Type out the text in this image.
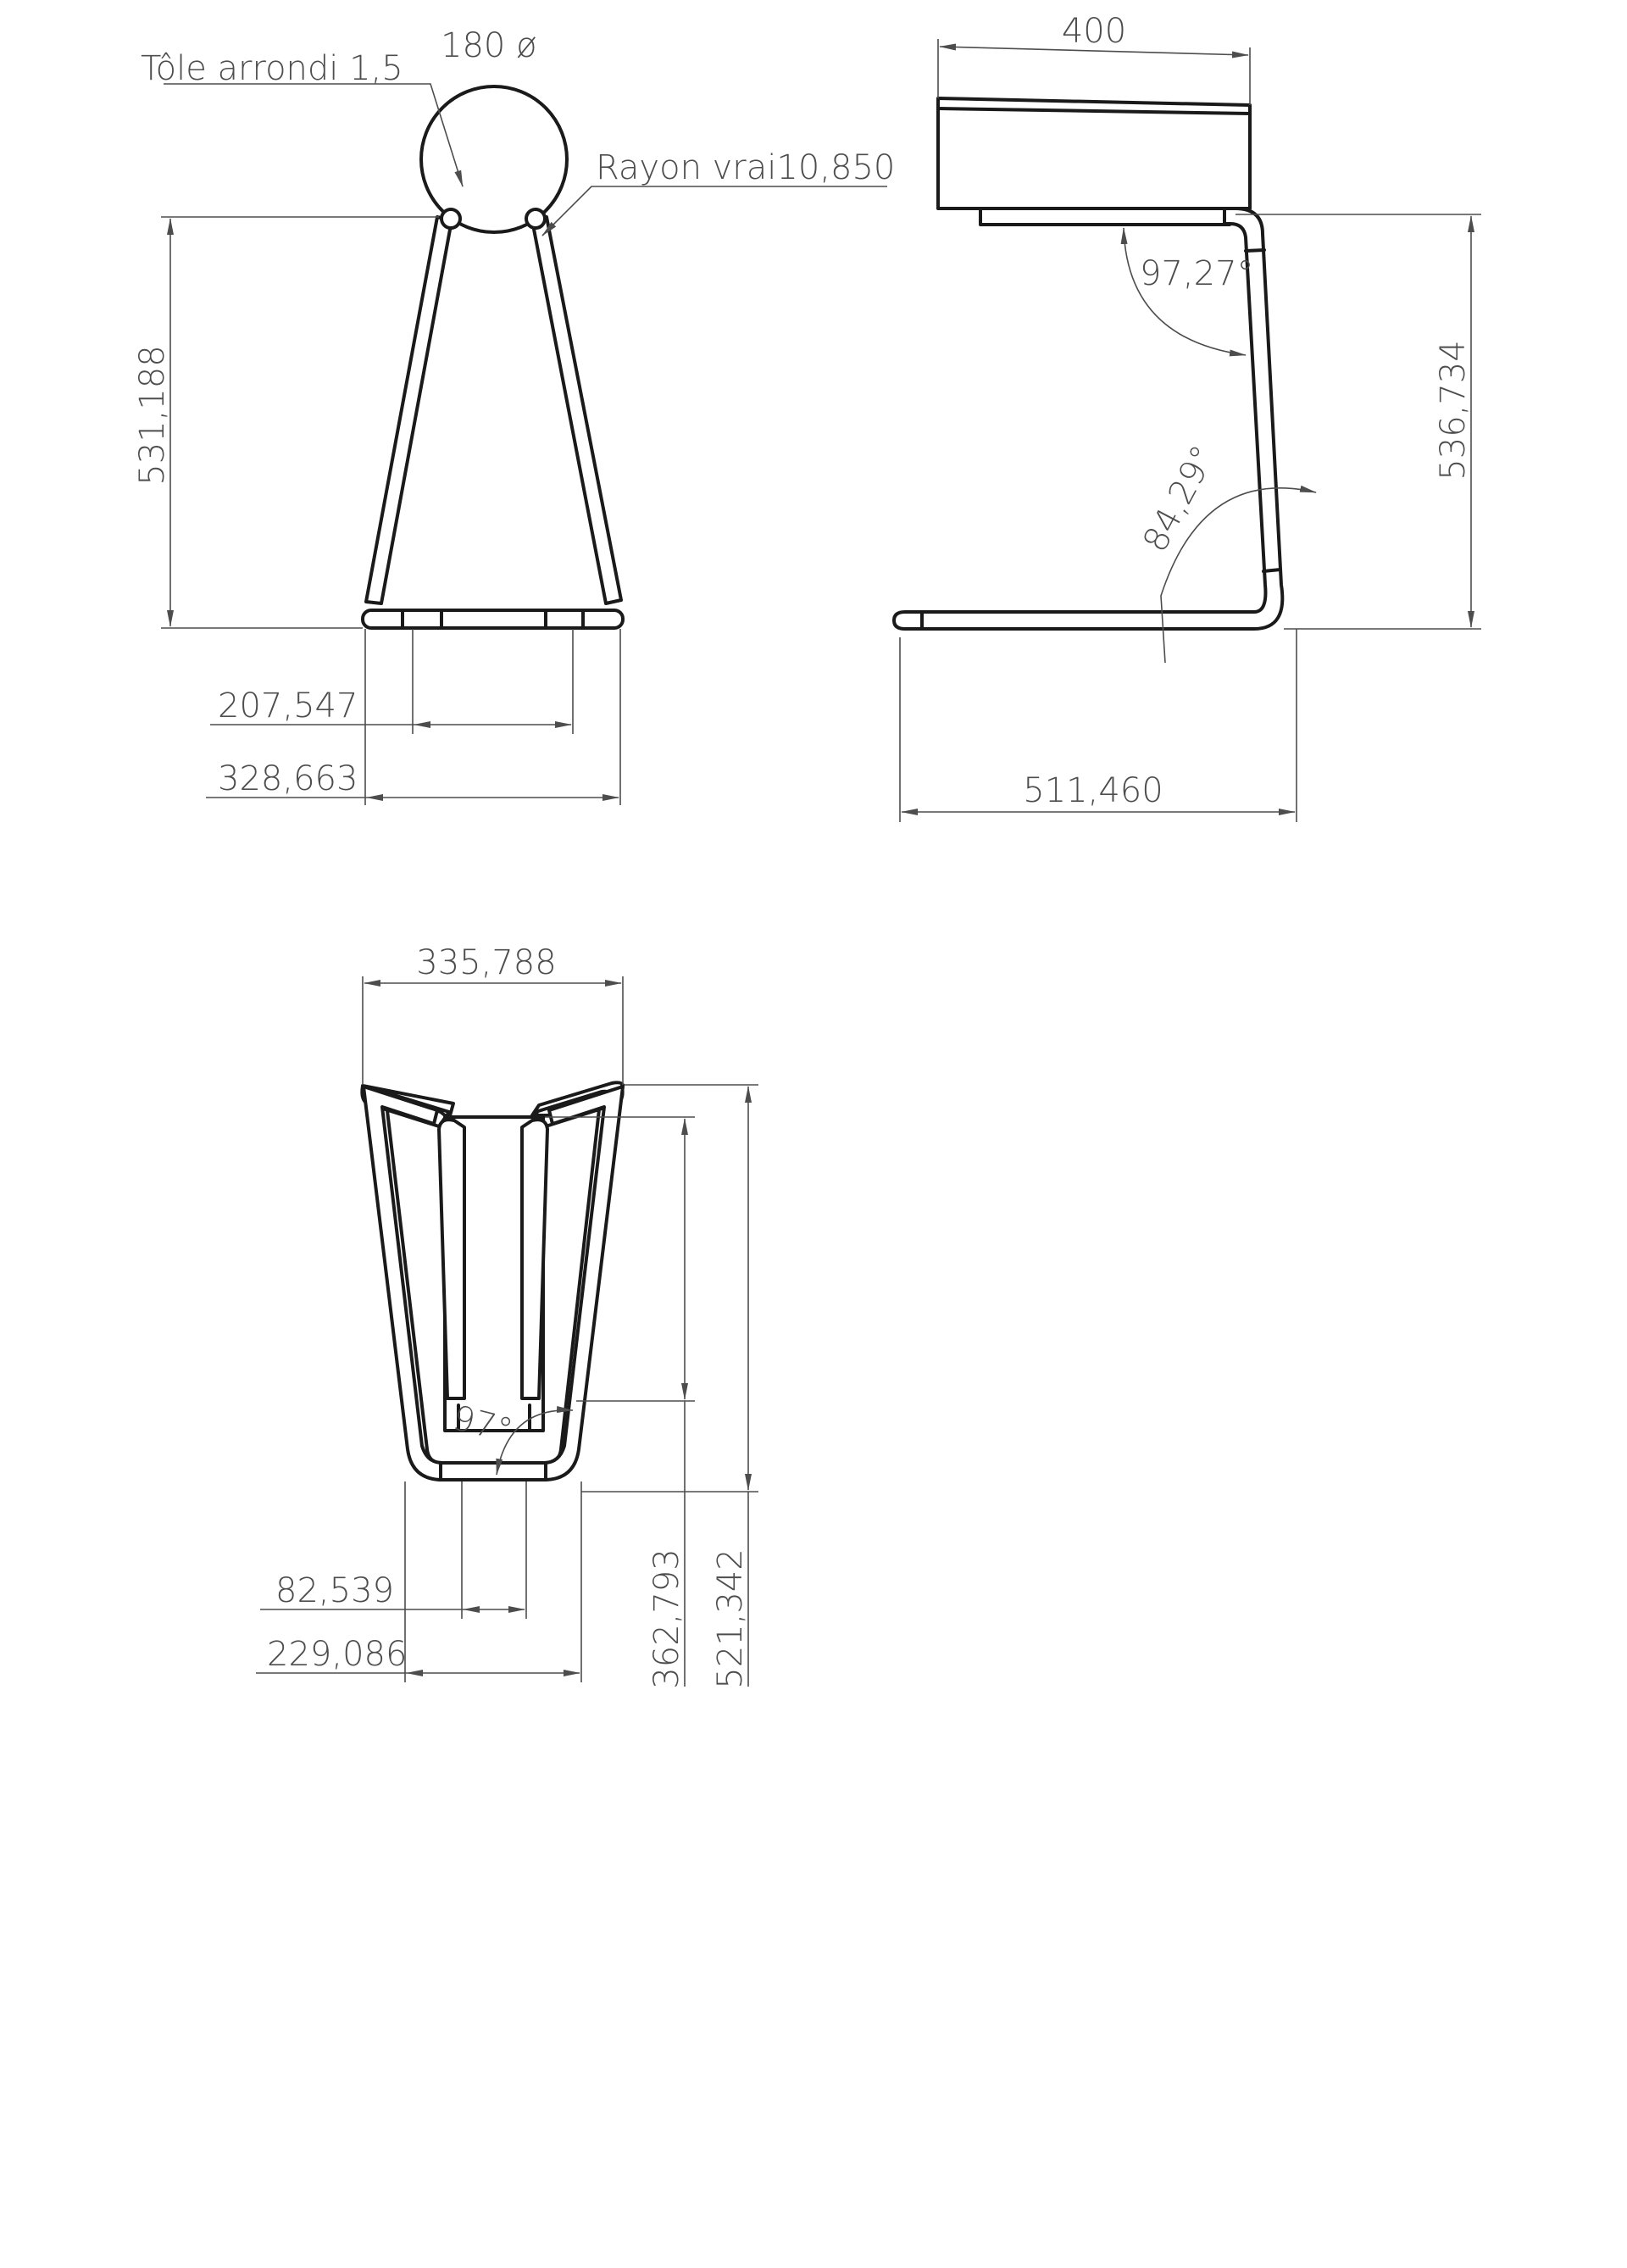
180 ø
Tôle arrondi 1,5
Rayon vrai10,850
531,188
207,547
328,663
400
97,27°
84,29°
536,734
511,460
335,788
97°
82,539
229,086	362,793 521,342
